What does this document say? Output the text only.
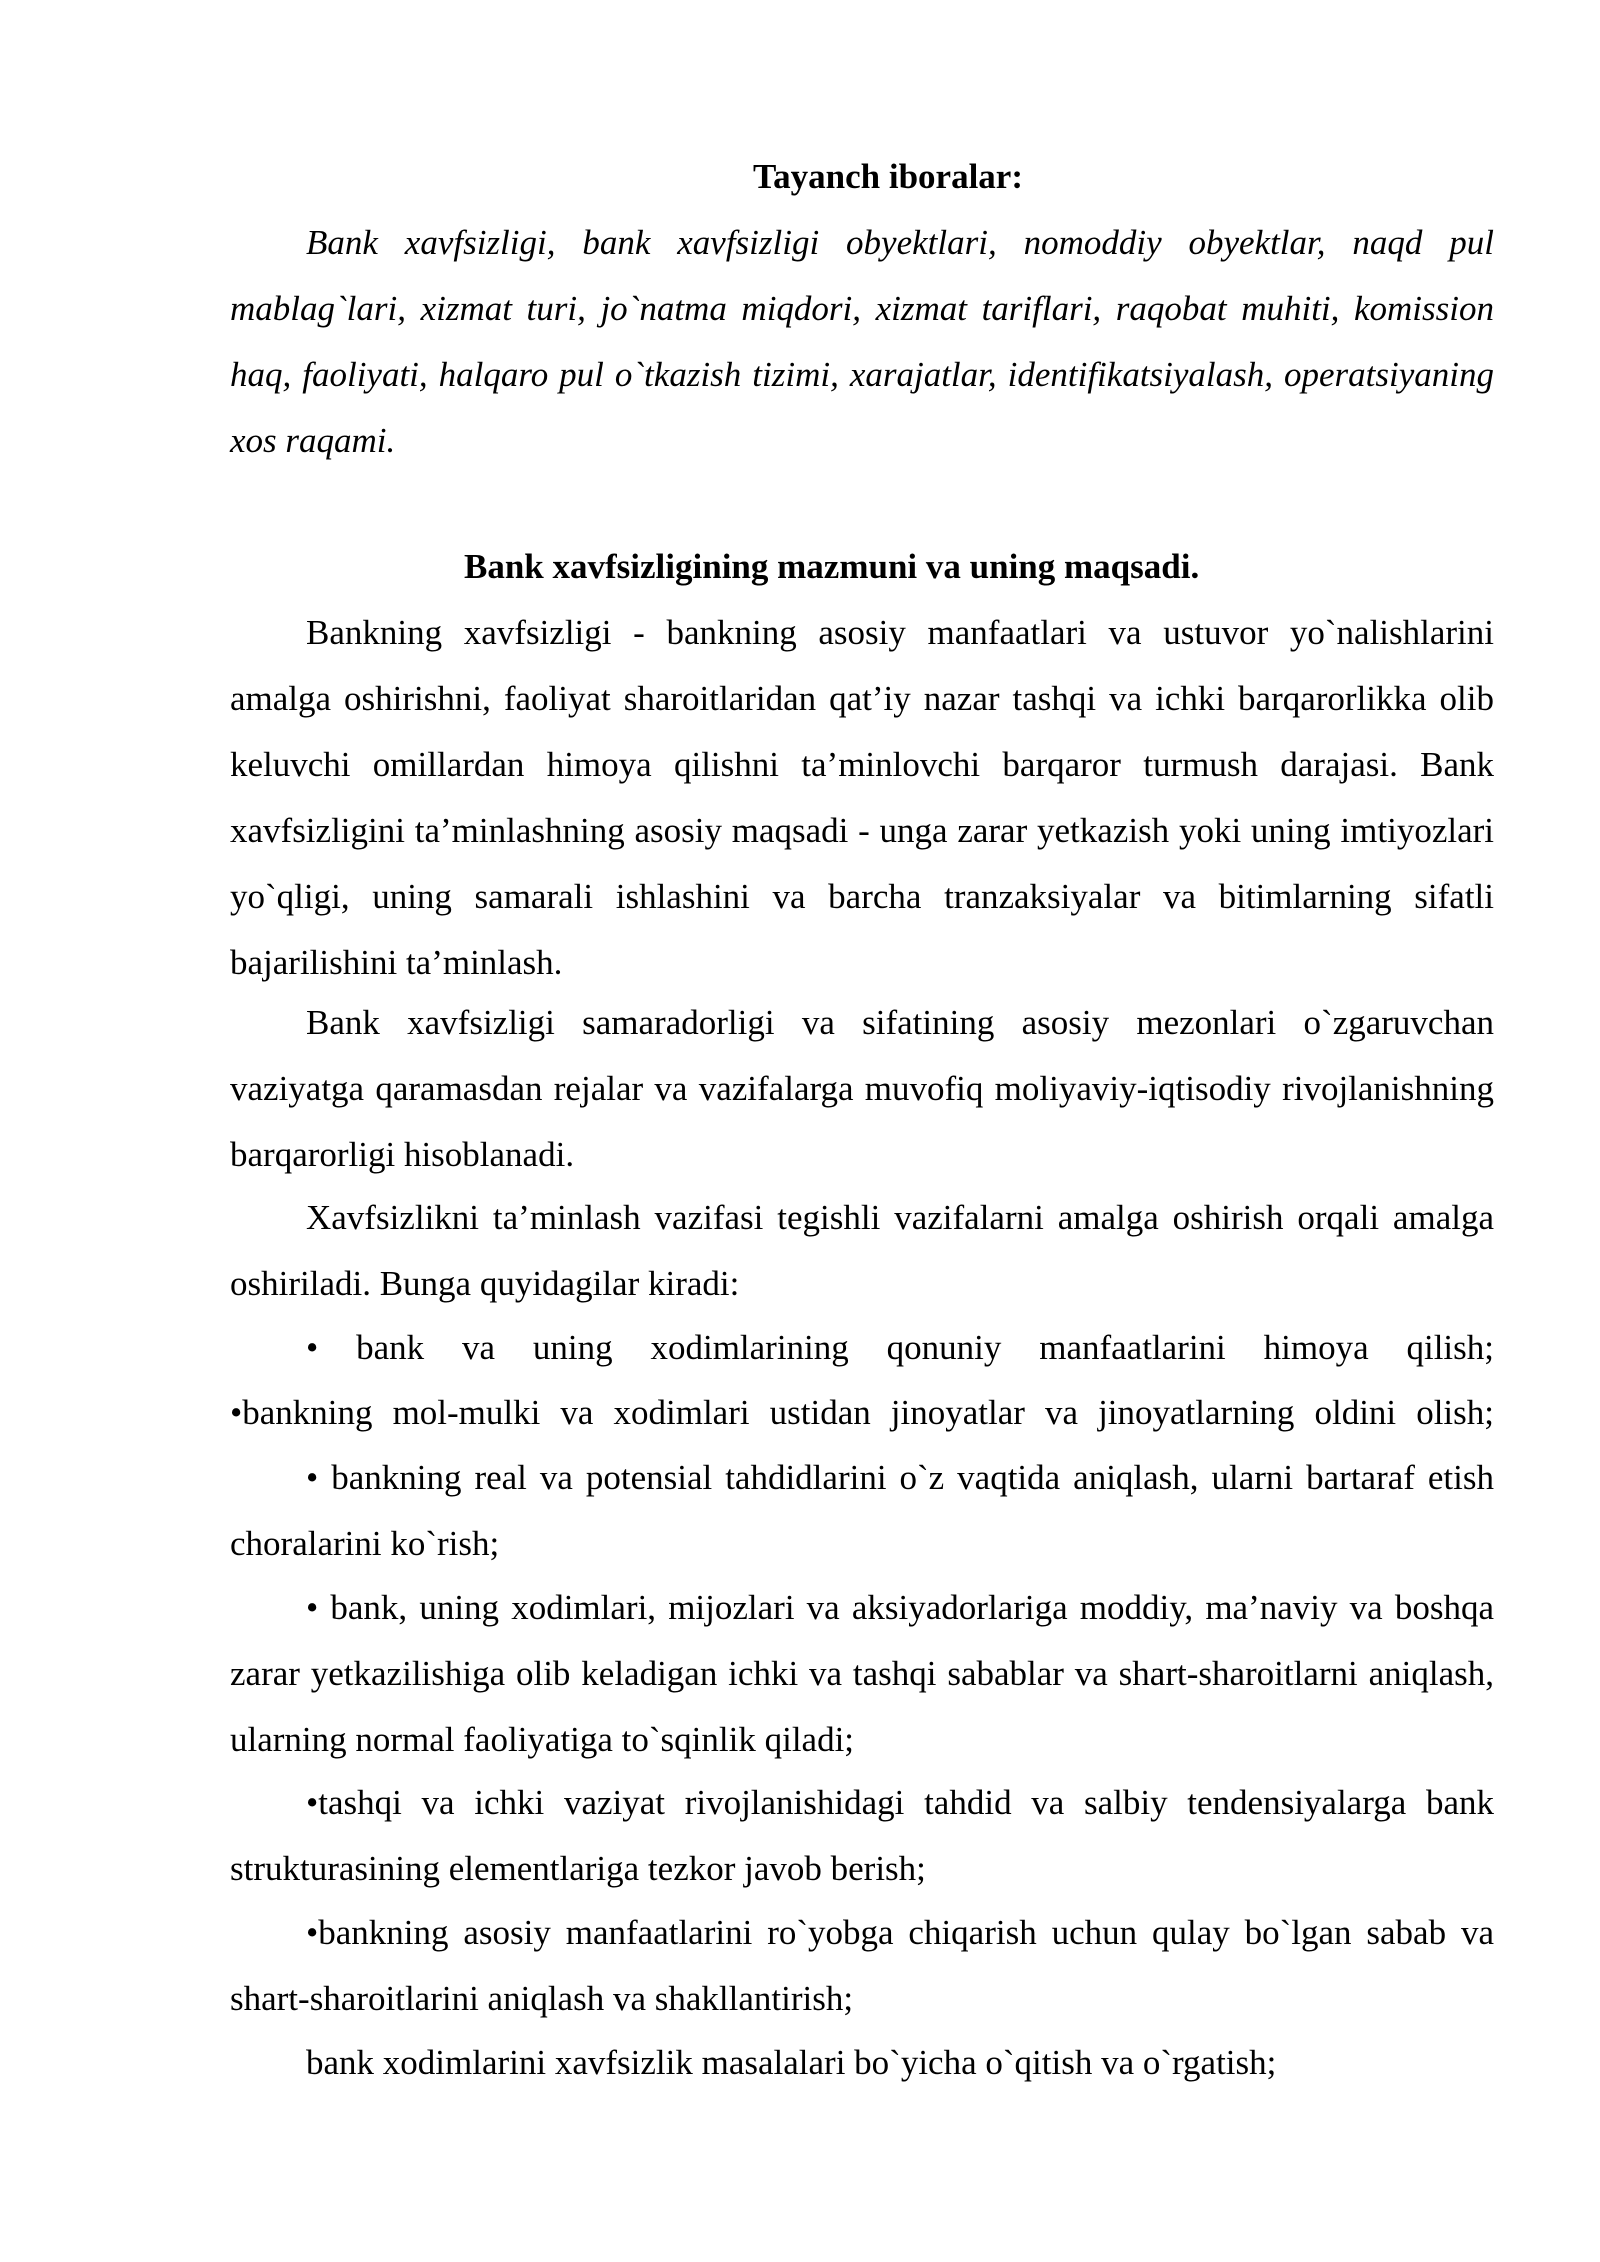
Tayanch iboralar:

Bank xavfsizligi, bank xavfsizligi obyektlari, nomoddiy obyektlar, naqd pul mablag`lari, xizmat turi, jo`natma miqdori, xizmat tariflari, raqobat muhiti, komission haq, faoliyati, halqaro pul o`tkazish tizimi, xarajatlar, identifikatsiyalash, operatsiyaning xos raqami.

Bank xavfsizligining mazmuni va uning maqsadi.

Bankning xavfsizligi - bankning asosiy manfaatlari va ustuvor yo`nalishlarini amalga oshirishni, faoliyat sharoitlaridan qat’iy nazar tashqi va ichki barqarorlikka olib keluvchi omillardan himoya qilishni ta’minlovchi barqaror turmush darajasi. Bank xavfsizligini ta’minlashning asosiy maqsadi - unga zarar yetkazish yoki uning imtiyozlari yo`qligi, uning samarali ishlashini va barcha tranzaksiyalar va bitimlarning sifatli bajarilishini ta’minlash.

Bank xavfsizligi samaradorligi va sifatining asosiy mezonlari o`zgaruvchan vaziyatga qaramasdan rejalar va vazifalarga muvofiq moliyaviy-iqtisodiy rivojlanishning barqarorligi hisoblanadi.

Xavfsizlikni ta’minlash vazifasi tegishli vazifalarni amalga oshirish orqali amalga oshiriladi. Bunga quyidagilar kiradi:

• bank va uning xodimlarining qonuniy manfaatlarini himoya qilish;

•bankning mol-mulki va xodimlari ustidan jinoyatlar va jinoyatlarning oldini olish;

• bankning real va potensial tahdidlarini o`z vaqtida aniqlash, ularni bartaraf etish choralarini ko`rish;

• bank, uning xodimlari, mijozlari va aksiyadorlariga moddiy, ma’naviy va boshqa zarar yetkazilishiga olib keladigan ichki va tashqi sabablar va shart-sharoitlarni aniqlash, ularning normal faoliyatiga to`sqinlik qiladi;

•tashqi va ichki vaziyat rivojlanishidagi tahdid va salbiy tendensiyalarga bank strukturasining elementlariga tezkor javob berish;

•bankning asosiy manfaatlarini ro`yobga chiqarish uchun qulay bo`lgan sabab va shart-sharoitlarini aniqlash va shakllantirish;

bank xodimlarini xavfsizlik masalalari bo`yicha o`qitish va o`rgatish;
